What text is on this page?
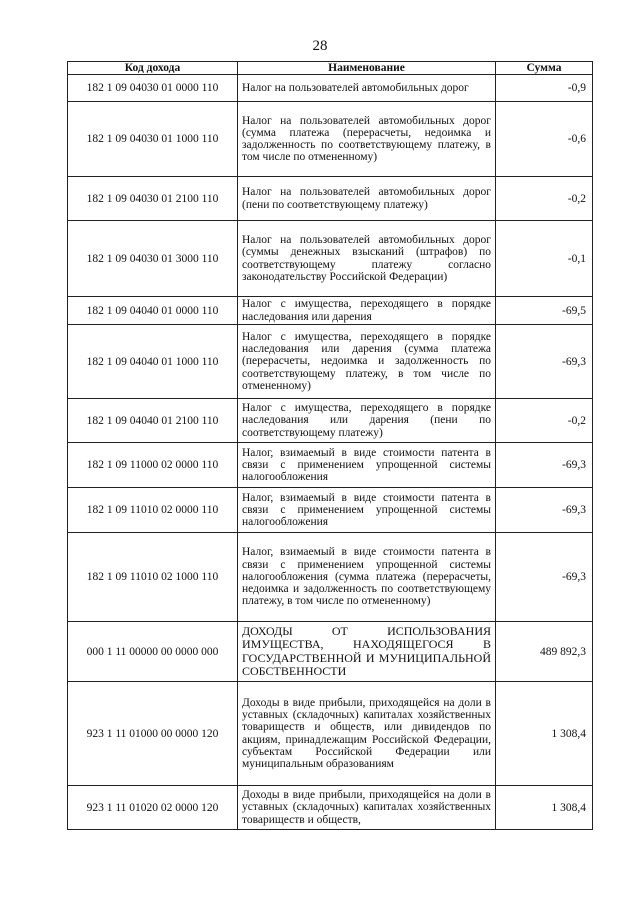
28
Код дохода	Наименование	Сумма
182 1 09 04030 01 0000 110	Налог на пользователей автомобильных дорог	-0,9
182 1 09 04030 01 1000 110	Налог на пользователей автомобильных дорог (сумма платежа (перерасчеты, недоимка и задолженность по соответствующему платежу, в том числе по отмененному)	-0,6
182 1 09 04030 01 2100 110	Налог на пользователей автомобильных дорог (пени по соответствующему платежу)	-0,2
182 1 09 04030 01 3000 110	Налог на пользователей автомобильных дорог (суммы денежных взысканий (штрафов) по соответствующему платежу согласно законодательству Российской Федерации)	-0,1
182 1 09 04040 01 0000 110	Налог с имущества, переходящего в порядке наследования или дарения	-69,5
182 1 09 04040 01 1000 110	Налог с имущества, переходящего в порядке наследования или дарения (сумма платежа (перерасчеты, недоимка и задолженность по соответствующему платежу, в том числе по отмененному)	-69,3
182 1 09 04040 01 2100 110	Налог с имущества, переходящего в порядке наследования или дарения (пени по соответствующему платежу)	-0,2
182 1 09 11000 02 0000 110	Налог, взимаемый в виде стоимости патента в связи с применением упрощенной системы налогообложения	-69,3
182 1 09 11010 02 0000 110	Налог, взимаемый в виде стоимости патента в связи с применением упрощенной системы налогообложения	-69,3
182 1 09 11010 02 1000 110	Налог, взимаемый в виде стоимости патента в связи с применением упрощенной системы налогообложения (сумма платежа (перерасчеты, недоимка и задолженность по соответствующему платежу, в том числе по отмененному)	-69,3
000 1 11 00000 00 0000 000	ДОХОДЫ ОТ ИСПОЛЬЗОВАНИЯ ИМУЩЕСТВА, НАХОДЯЩЕГОСЯ В ГОСУДАРСТВЕННОЙ И МУНИЦИПАЛЬНОЙ СОБСТВЕННОСТИ	489 892,3
923 1 11 01000 00 0000 120	Доходы в виде прибыли, приходящейся на доли в уставных (складочных) капиталах хозяйственных товариществ и обществ, или дивидендов по акциям, принадлежащим Российской Федерации, субъектам Российской Федерации или муниципальным образованиям	1 308,4
923 1 11 01020 02 0000 120	Доходы в виде прибыли, приходящейся на доли в уставных (складочных) капиталах хозяйственных товариществ и обществ,	1 308,4
